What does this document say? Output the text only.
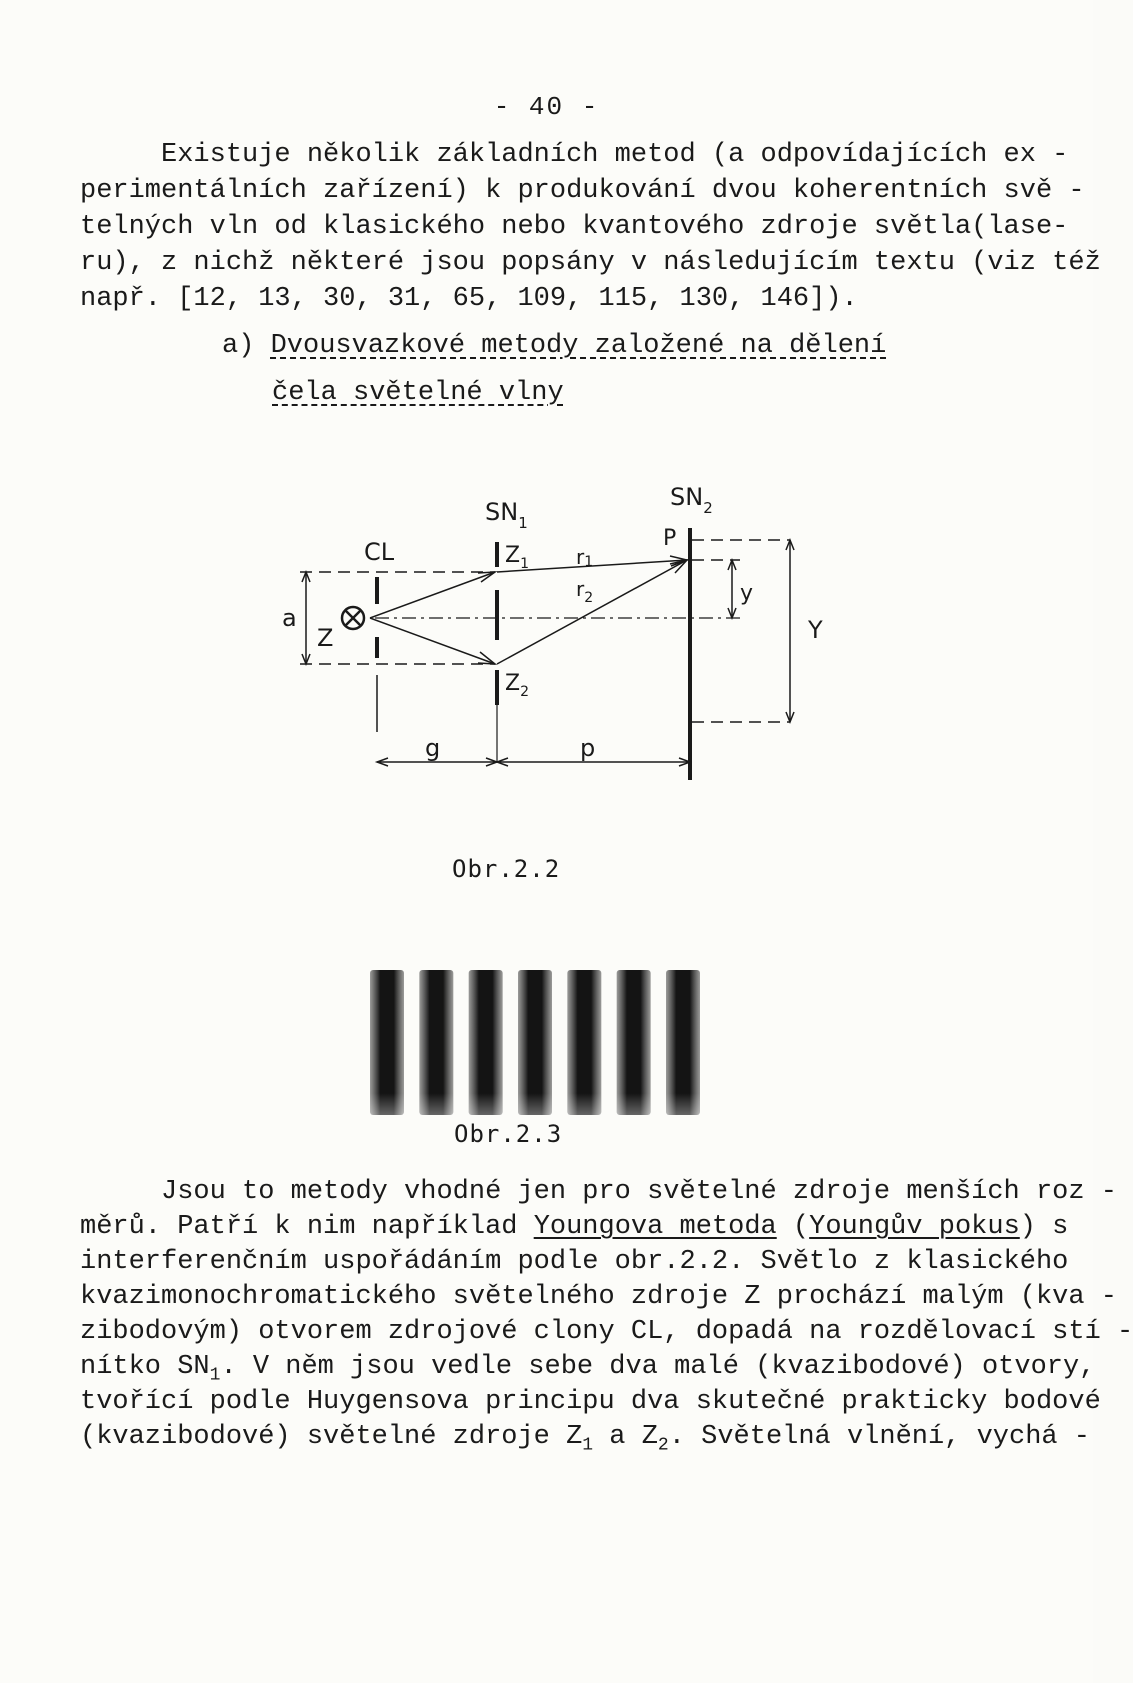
- 40 -
Existuje několik základních metod (a odpovídajících ex -
perimentálních zařízení) k produkování dvou koherentních svě -
telných vln od klasického nebo kvantového zdroje světla(lase-
ru), z nichž některé jsou popsány v následujícím textu (viz též
např. [12, 13, 30, 31, 65, 109, 115, 130, 146]).
a) Dvousvazkové metody založené na dělení
čela světelné vlny
$SN_1$
$SN_2$
CL
Z
$Z_1$
$Z_2$
r1
$r_2$
P
a
y
Y
g	p
Obr.2.2
Obr.2.3
Jsou to metody vhodné jen pro světelné zdroje menších roz -
měrů. Patří k nim například Youngova metoda (Youngův pokus) s
interferenčním uspořádáním podle obr.2.2. Světlo z klasického
kvazimonochromatického světelného zdroje Z prochází malým (kva -
zibodovým) otvorem zdrojové clony CL, dopadá na rozdělovací stí -
nítko $SN_1$. V něm jsou vedle sebe dva malé (kvazibodové) otvory,
tvořící podle Huygensova principu dva skutečné prakticky bodové
(kvazibodové) světelné zdroje $Z_1$ a $Z_2$. Světelná vlnění, vychá -
